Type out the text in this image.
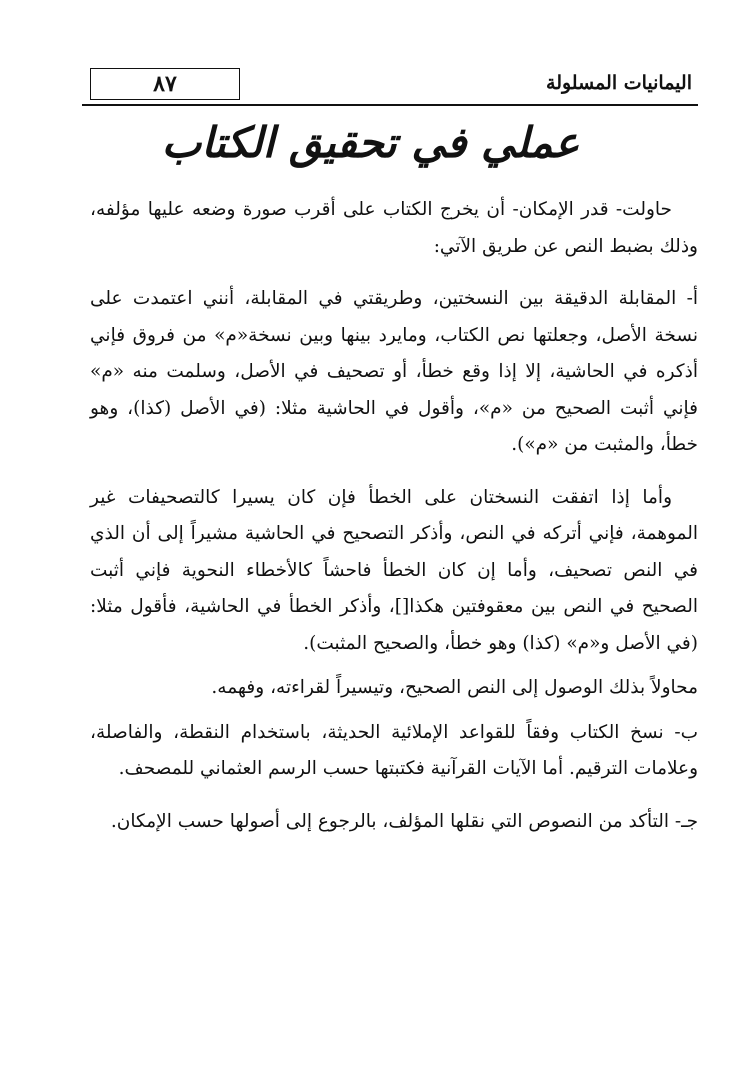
٨٧	اليمانيات المسلولة
عملي في تحقيق الكتاب

حاولت- قدر الإمكان- أن يخرج الكتاب على أقرب صورة وضعه عليها مؤلفه، وذلك بضبط النص عن طريق الآتي:

أ- المقابلة الدقيقة بين النسختين، وطريقتي في المقابلة، أنني اعتمدت على نسخة الأصل، وجعلتها نص الكتاب، ومايرد بينها وبين نسخة«م» من فروق فإني أذكره في الحاشية، إلا إذا وقع خطأ، أو تصحيف في الأصل، وسلمت منه «م» فإني أثبت الصحيح من «م»، وأقول في الحاشية مثلا: (في الأصل (كذا)، وهو خطأ، والمثبت من «م»).

وأما إذا اتفقت النسختان على الخطأ فإن كان يسيرا كالتصحيفات غير الموهمة، فإني أتركه في النص، وأذكر التصحيح في الحاشية مشيراً إلى أن الذي في النص تصحيف، وأما إن كان الخطأ فاحشاً كالأخطاء النحوية فإني أثبت الصحيح في النص بين معقوفتين هكذا[]، وأذكر الخطأ في الحاشية، فأقول مثلا: (في الأصل و«م» (كذا) وهو خطأ، والصحيح المثبت).

محاولاً بذلك الوصول إلى النص الصحيح، وتيسيراً لقراءته، وفهمه.

ب- نسخ الكتاب وفقاً للقواعد الإملائية الحديثة، باستخدام النقطة، والفاصلة، وعلامات الترقيم. أما الآيات القرآنية فكتبتها حسب الرسم العثماني للمصحف.

جـ- التأكد من النصوص التي نقلها المؤلف، بالرجوع إلى أصولها حسب الإمكان.
